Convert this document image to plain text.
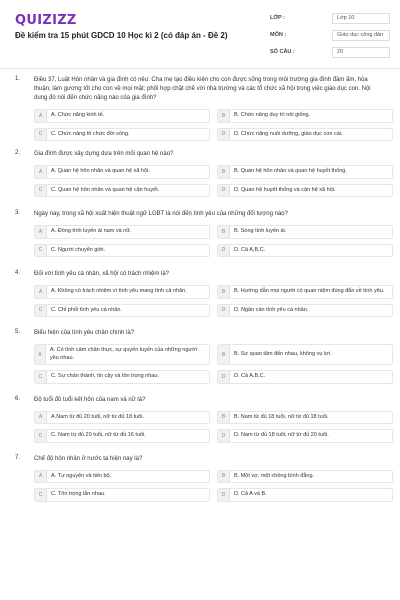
QUIZIZZ
Đề kiểm tra 15 phút GDCD 10 Học kì 2 (có đáp án - Đề 2)
LỚP :	Lớp 10
MÔN :	Giáo dục công dân
SỐ CÂU :	20
1. Điều 37, Luật Hôn nhân và gia đình có nêu: Cha mẹ tạo điều kiện cho con được sống trong môi trường gia đình đầm ấm, hòa thuận; làm gương tốt cho con về mọi mặt; phối hợp chặt chẽ với nhà trường và các tổ chức xã hội trong việc giáo dục con. Nội dung đó nói đến chức năng nào của gia đình?
A	A. Chức năng kinh tế.	B	B. Chức năng duy trì nòi giống.
C	C. Chức năng tổ chức đời sống.	D	D. Chức năng nuôi dưỡng, giáo dục con cái.
2. Gia đình được xây dựng dựa trên mối quan hệ nào?
A	A. Quan hệ hôn nhân và quan hệ xã hội.	B	B. Quan hệ hôn nhân và quan hệ huyết thống.
C	C. Quan hệ hôn nhân và quan hệ cận huyết.	D	D. Quan hệ huyết thống và cận hệ xã hội.
3. Ngày nay, trong xã hội xuất hiện thuật ngữ LGBT là nói đến tình yêu của những đối tượng nào?
A	A. Đồng tính luyến ái nam và nữ.	B	B. Song tính luyến ái.
C	C. Người chuyển giới.	D	D. Cả A,B,C.
4. Đối với tình yêu cá nhân, xã hội có trách nhiệm là?
A	A. Không có trách nhiệm vì tình yêu mang tính cá nhân.	B	B. Hướng dẫn mọi người có quan niệm đúng đắn về tình yêu.
C	C. Chỉ phối tình yêu cá nhân.	D	D. Ngăn cản tình yêu cá nhân.
5. Biểu hiện của tình yêu chân chính là?
A
A. Có tình cảm chân thực, sự quyến luyến của những người yêu nhau.	B	B. Sự quan tâm đến nhau, không vụ lợi.
C	C. Sự chân thành, tin cậy và tôn trọng nhau.	D	D. Cả A,B,C.
6. Độ tuổi đủ tuổi kết hôn của nam và nữ là?
A	A.Nam từ đủ 20 tuổi, nữ từ đủ 18 tuổi.	B	B. Nam từ đủ 18 tuổi, nữ từ đủ 18 tuổi.
C	C. Nam từ đủ 20 tuổi, nữ từ đủ 16 tuổi.	D	D. Nam từ đủ 18 tuổi, nữ từ đủ 20 tuổi.
7. Chế độ hôn nhân ở nước ta hiện nay là?
A	A. Tự nguyện và tiến bộ.	B	B. Một vợ, một chồng bình đẳng.
C	C. Tôn trọng lẫn nhau.	D	D. Cả A và B.
